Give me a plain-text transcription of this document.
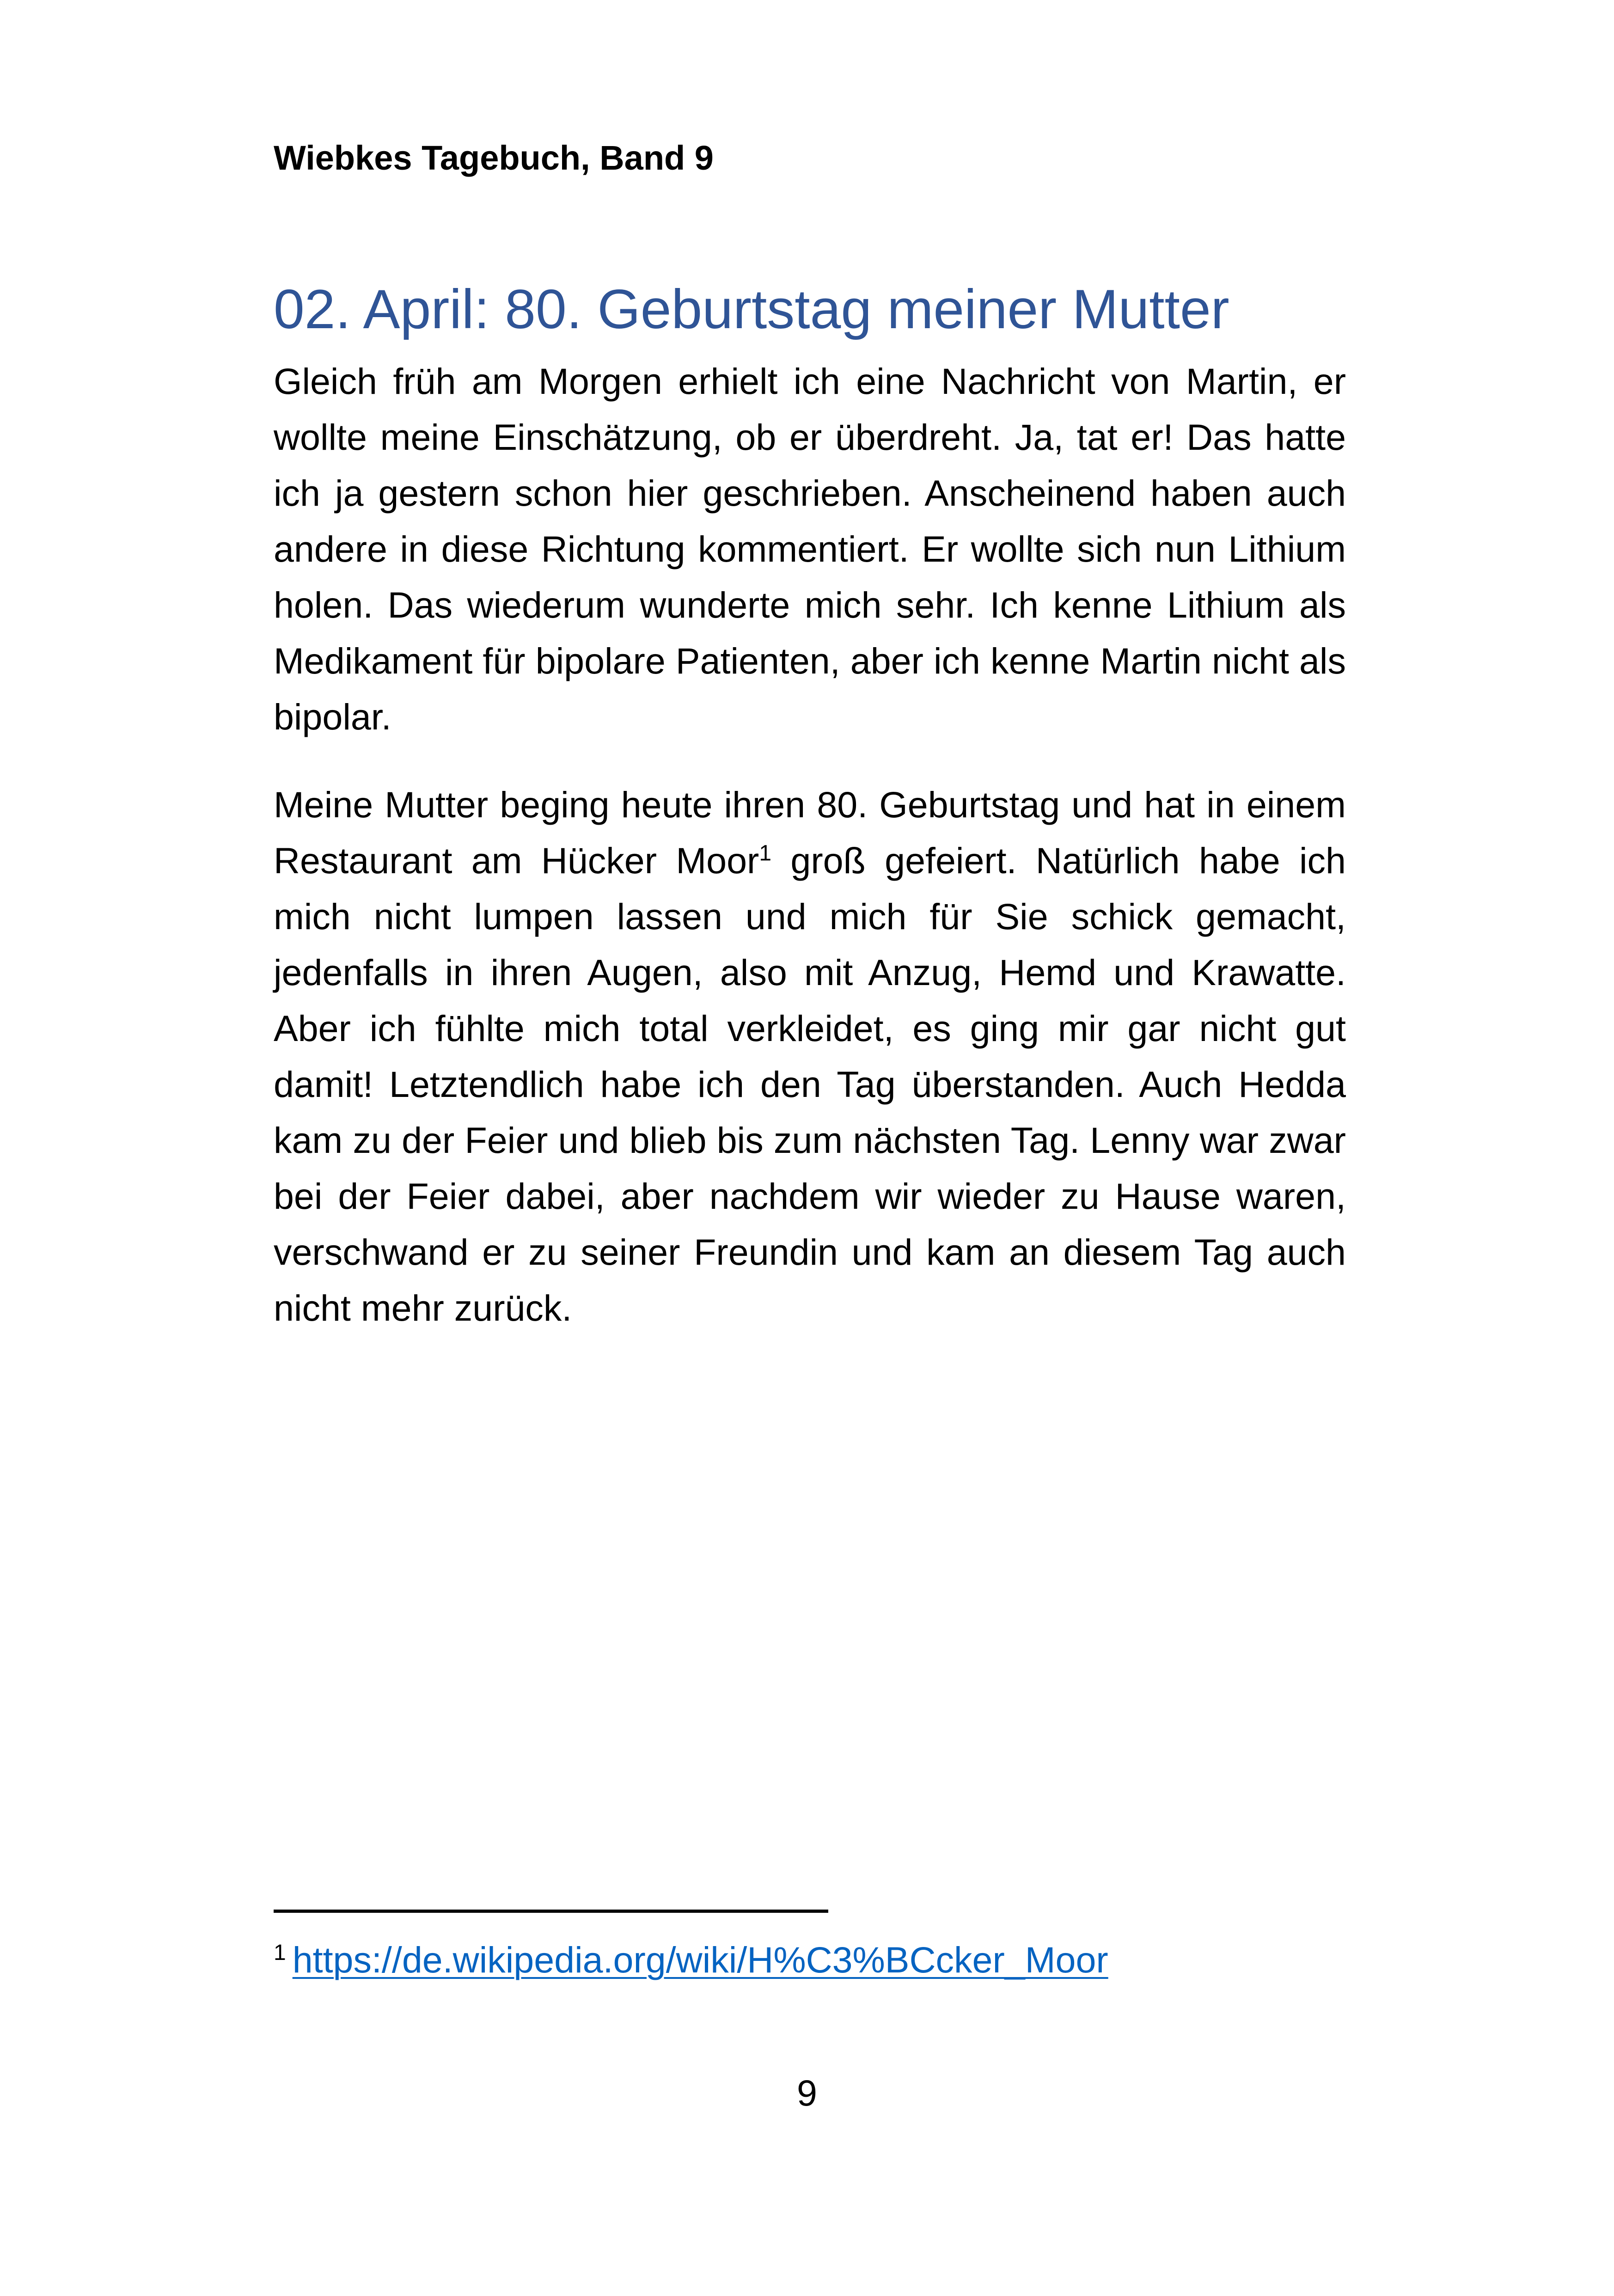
Wiebkes Tagebuch, Band 9
02. April: 80. Geburtstag meiner Mutter

Gleich früh am Morgen erhielt ich eine Nachricht von Martin, er wollte meine Einschätzung, ob er überdreht. Ja, tat er! Das hatte ich ja gestern schon hier geschrieben. Anscheinend haben auch andere in diese Richtung kommentiert. Er wollte sich nun Lithium holen. Das wiederum wunderte mich sehr. Ich kenne Lithium als Medikament für bipolare Patienten, aber ich kenne Martin nicht als bipolar.

Meine Mutter beging heute ihren 80. Geburtstag und hat in einem Restaurant am Hücker Moor$^1$ groß gefeiert. Natürlich habe ich mich nicht lumpen lassen und mich für Sie schick gemacht, jedenfalls in ihren Augen, also mit Anzug, Hemd und Krawatte. Aber ich fühlte mich total verkleidet, es ging mir gar nicht gut damit! Letztendlich habe ich den Tag überstanden. Auch Hedda kam zu der Feier und blieb bis zum nächsten Tag. Lenny war zwar bei der Feier dabei, aber nachdem wir wieder zu Hause waren, verschwand er zu seiner Freundin und kam an diesem Tag auch nicht mehr zurück.

$^1$ https://de.wikipedia.org/wiki/H%C3%BCcker_Moor
9
